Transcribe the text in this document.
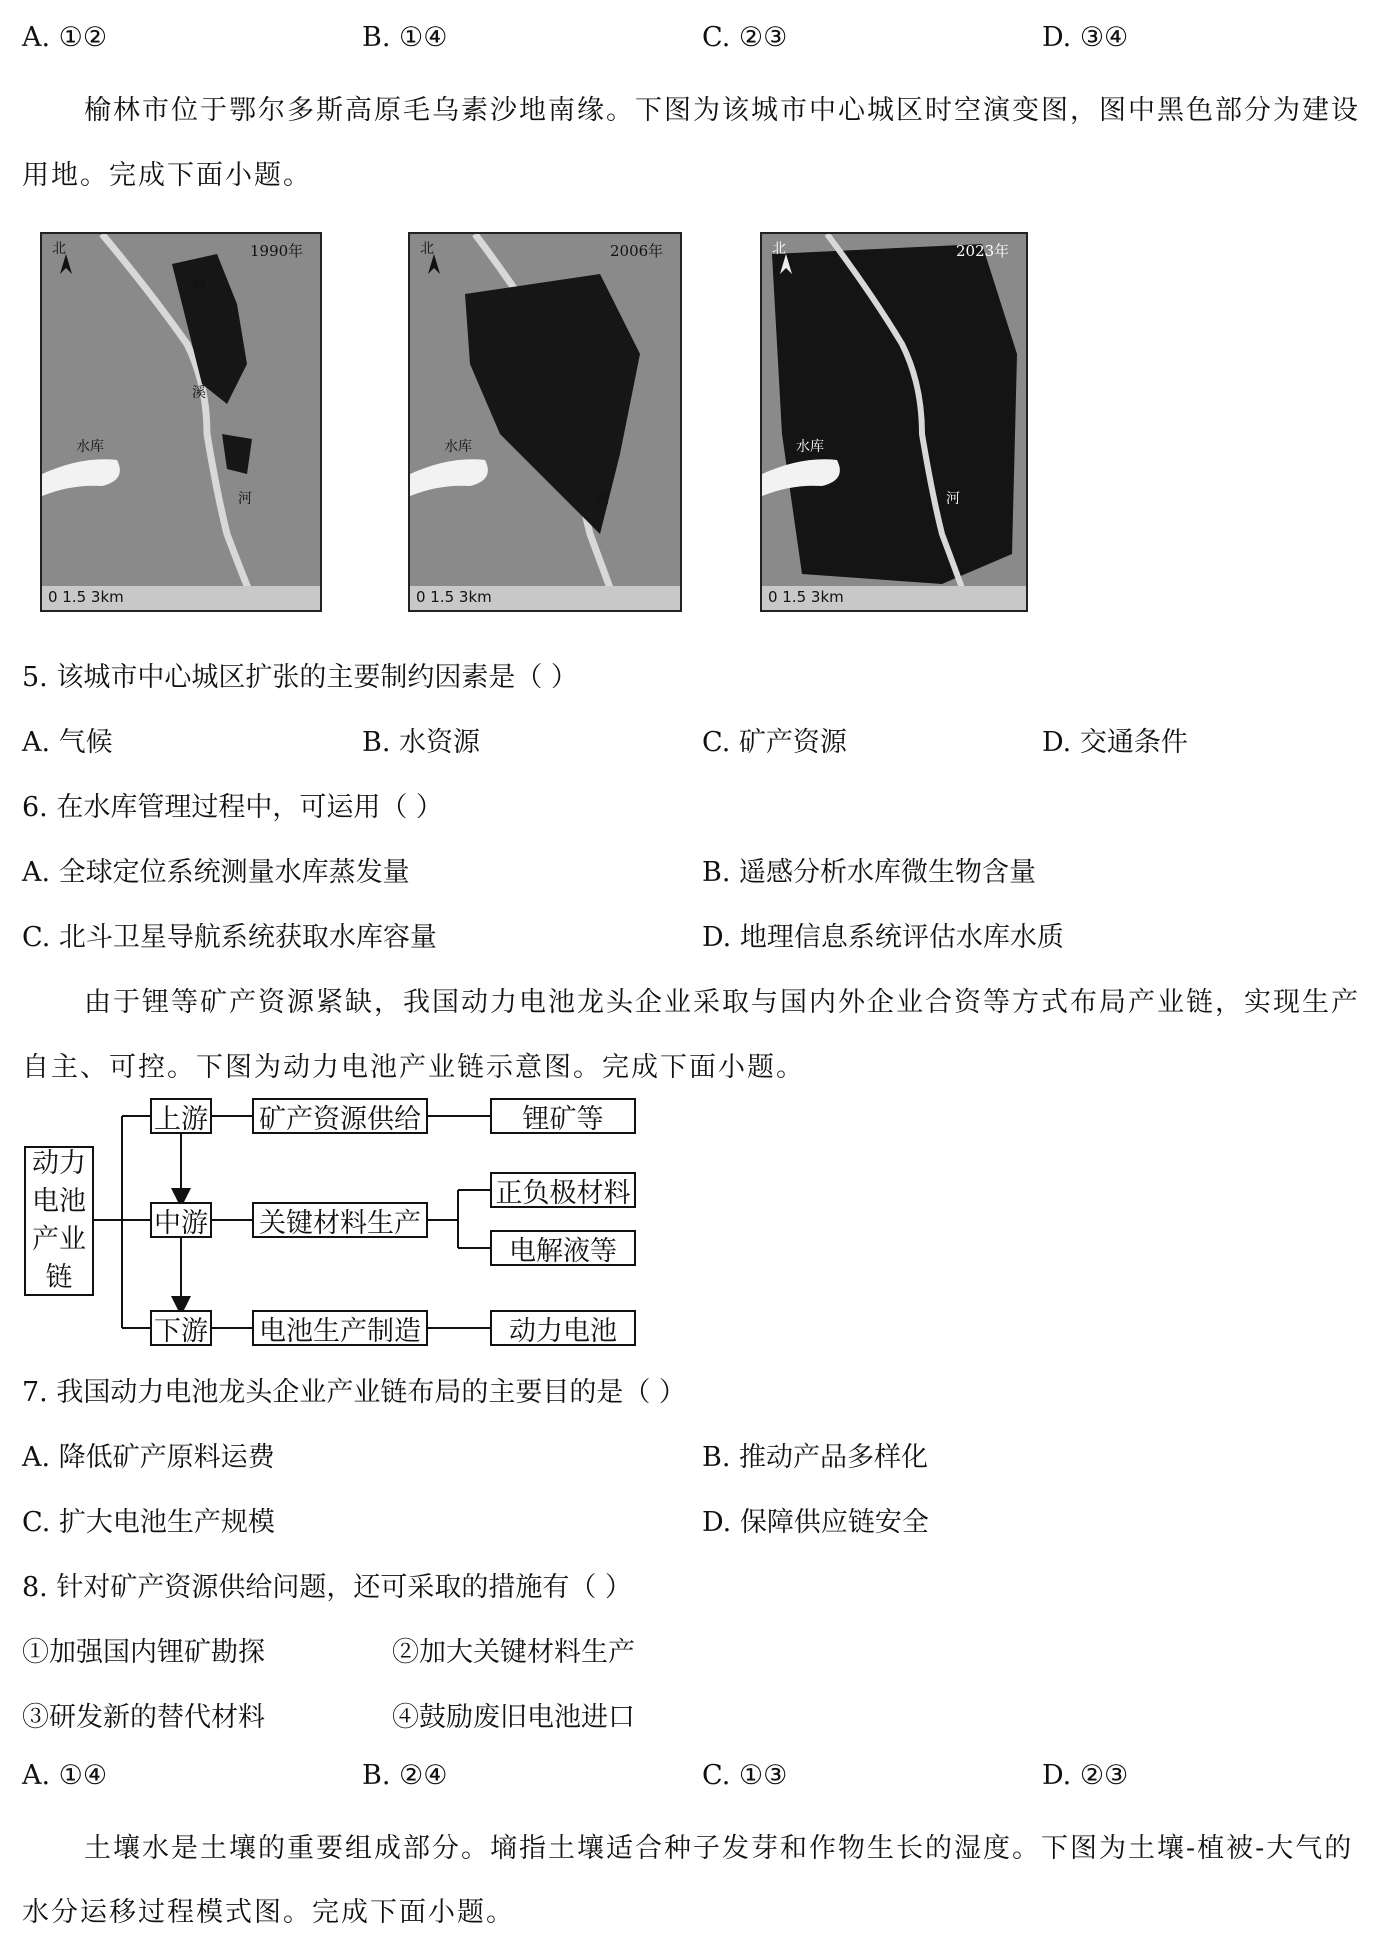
A. ①②	B. ①④	C. ②③	D. ③④
榆林市位于鄂尔多斯高原毛乌素沙地南缘。下图为该城市中心城区时空演变图，图中黑色部分为建设
用地。完成下面小题。
北	1990年
榆
溪
河
水库
0 1.5 3km
北	2006年
河
水库
0 1.5 3km
北	2023年
河
水库
0 1.5 3km
5. 该城市中心城区扩张的主要制约因素是（ ）
A. 气候	B. 水资源	C. 矿产资源	D. 交通条件
6. 在水库管理过程中，可运用（ ）
A. 全球定位系统测量水库蒸发量	B. 遥感分析水库微生物含量
C. 北斗卫星导航系统获取水库容量	D. 地理信息系统评估水库水质
由于锂等矿产资源紧缺，我国动力电池龙头企业采取与国内外企业合资等方式布局产业链，实现生产
自主、可控。下图为动力电池产业链示意图。完成下面小题。
动力电池产业链
上游
中游
下游
矿产资源供给
关键材料生产
电池生产制造
锂矿等
正负极材料
电解液等
动力电池
7. 我国动力电池龙头企业产业链布局的主要目的是（ ）
A. 降低矿产原料运费	B. 推动产品多样化
C. 扩大电池生产规模	D. 保障供应链安全
8. 针对矿产资源供给问题，还可采取的措施有（ ）
①加强国内锂矿勘探	②加大关键材料生产
③研发新的替代材料	④鼓励废旧电池进口
A. ①④	B. ②④	C. ①③	D. ②③
土壤水是土壤的重要组成部分。墒指土壤适合种子发芽和作物生长的湿度。下图为土壤-植被-大气的
水分运移过程模式图。完成下面小题。
